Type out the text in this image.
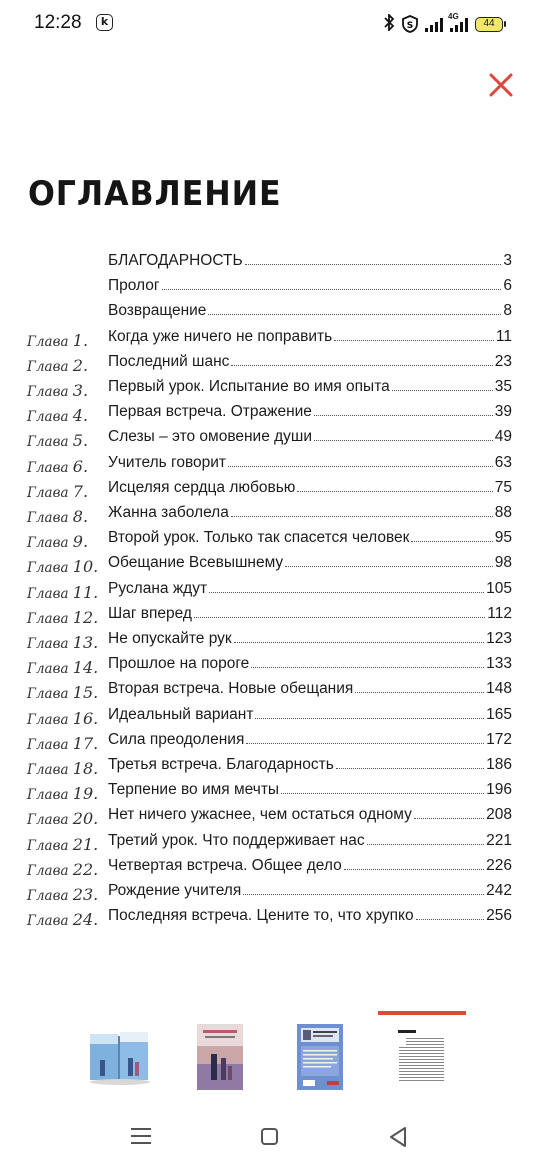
12:28	k	S
4G
44
ОГЛАВЛЕНИЕ
БЛАГОДАРНОСТЬ	3
Пролог	6
Возвращение	8
Глава 1. Когда уже ничего не поправить	11
Глава 2. Последний шанс	23
Глава 3. Первый урок. Испытание во имя опыта	35
Глава 4. Первая встреча. Отражение	39
Глава 5. Слезы – это омовение души	49
Глава 6. Учитель говорит	63
Глава 7. Исцеляя сердца любовью	75
Глава 8. Жанна заболела	88
Глава 9. Второй урок. Только так спасется человек	95
Глава 10. Обещание Всевышнему	98
Глава 11. Руслана ждут	105
Глава 12. Шаг вперед	112
Глава 13. Не опускайте рук	123
Глава 14. Прошлое на пороге	133
Глава 15. Вторая встреча. Новые обещания	148
Глава 16. Идеальный вариант	165
Глава 17. Сила преодоления	172
Глава 18. Третья встреча. Благодарность	186
Глава 19. Терпение во имя мечты	196
Глава 20. Нет ничего ужаснее, чем остаться одному	208
Глава 21. Третий урок. Что поддерживает нас	221
Глава 22. Четвертая встреча. Общее дело	226
Глава 23. Рождение учителя	242
Глава 24. Последняя встреча. Цените то, что хрупко	256
